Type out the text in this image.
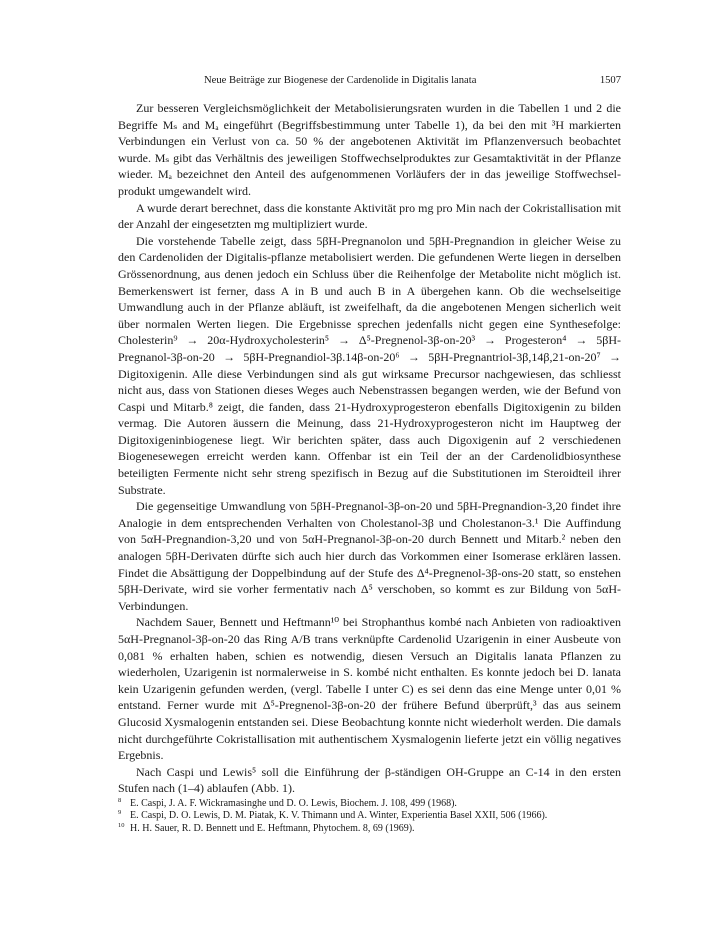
Neue Beiträge zur Biogenese der Cardenolide in Digitalis lanata	1507

Zur besseren Vergleichsmöglichkeit der Metabolisierungsraten wurden in die Tabellen 1 und 2 die Begriffe Mₛ and Mₐ eingeführt (Begriffsbestimmung unter Tabelle 1), da bei den mit ³H markierten Verbindungen ein Verlust von ca. 50 % der angebotenen Aktivität im Pflanzenversuch beobachtet wurde. Mₛ gibt das Verhältnis des jeweiligen Stoffwechselproduktes zur Gesamtaktivität in der Pflanze wieder. Mₐ bezeichnet den Anteil des aufgenommenen Vorläufers der in das jeweilige Stoffwechsel-produkt umgewandelt wird.

A wurde derart berechnet, dass die konstante Aktivität pro mg pro Min nach der Cokristallisation mit der Anzahl der eingesetzten mg multipliziert wurde.

Die vorstehende Tabelle zeigt, dass 5βH-Pregnanolon und 5βH-Pregnandion in gleicher Weise zu den Cardenoliden der Digitalis-pflanze metabolisiert werden. Die gefundenen Werte liegen in derselben Grössenordnung, aus denen jedoch ein Schluss über die Reihenfolge der Metabolite nicht möglich ist. Bemerkenswert ist ferner, dass A in B und auch B in A übergehen kann. Ob die wechselseitige Umwandlung auch in der Pflanze abläuft, ist zweifelhaft, da die angebotenen Mengen sicherlich weit über normalen Werten liegen. Die Ergebnisse sprechen jedenfalls nicht gegen eine Synthesefolge: Cholesterin⁹ → 20α-Hydroxycholesterin⁵ → Δ⁵-Pregnenol-3β-on-20³ → Progesteron⁴ → 5βH-Pregnanol-3β-on-20 → 5βH-Pregnandiol-3β.14β-on-20⁶ → 5βH-Pregnantriol-3β,14β,21-on-20⁷ → Digitoxigenin. Alle diese Verbindungen sind als gut wirksame Precursor nachgewiesen, das schliesst nicht aus, dass von Stationen dieses Weges auch Nebenstrassen begangen werden, wie der Befund von Caspi und Mitarb.⁸ zeigt, die fanden, dass 21-Hydroxyprogesteron ebenfalls Digitoxigenin zu bilden vermag. Die Autoren äussern die Meinung, dass 21-Hydroxyprogesteron nicht im Hauptweg der Digitoxigeninbiogenese liegt. Wir berichten später, dass auch Digoxigenin auf 2 verschiedenen Biogenesewegen erreicht werden kann. Offenbar ist ein Teil der an der Cardenolidbiosynthese beteiligten Fermente nicht sehr streng spezifisch in Bezug auf die Substitutionen im Steroidteil ihrer Substrate.

Die gegenseitige Umwandlung von 5βH-Pregnanol-3β-on-20 und 5βH-Pregnandion-3,20 findet ihre Analogie in dem entsprechenden Verhalten von Cholestanol-3β und Cholestanon-3.¹ Die Auffindung von 5αH-Pregnandion-3,20 und von 5αH-Pregnanol-3β-on-20 durch Bennett und Mitarb.² neben den analogen 5βH-Derivaten dürfte sich auch hier durch das Vorkommen einer Isomerase erklären lassen. Findet die Absättigung der Doppelbindung auf der Stufe des Δ⁴-Pregnenol-3β-ons-20 statt, so enstehen 5βH-Derivate, wird sie vorher fermentativ nach Δ⁵ verschoben, so kommt es zur Bildung von 5αH-Verbindungen.

Nachdem Sauer, Bennett und Heftmann¹⁰ bei Strophanthus kombé nach Anbieten von radioaktiven 5αH-Pregnanol-3β-on-20 das Ring A/B trans verknüpfte Cardenolid Uzarigenin in einer Ausbeute von 0,081 % erhalten haben, schien es notwendig, diesen Versuch an Digitalis lanata Pflanzen zu wiederholen, Uzarigenin ist normalerweise in S. kombé nicht enthalten. Es konnte jedoch bei D. lanata kein Uzarigenin gefunden werden, (vergl. Tabelle I unter C) es sei denn das eine Menge unter 0,01 % entstand. Ferner wurde mit Δ⁵-Pregnenol-3β-on-20 der frühere Befund überprüft,³ das aus seinem Glucosid Xysmalogenin entstanden sei. Diese Beobachtung konnte nicht wiederholt werden. Die damals nicht durchgeführte Cokristallisation mit authentischem Xysmalogenin lieferte jetzt ein völlig negatives Ergebnis.

Nach Caspi und Lewis⁵ soll die Einführung der β-ständigen OH-Gruppe an C-14 in den ersten Stufen nach (1–4) ablaufen (Abb. 1).

8 E. Caspi, J. A. F. Wickramasinghe und D. O. Lewis, Biochem. J. 108, 499 (1968).

9 E. Caspi, D. O. Lewis, D. M. Piatak, K. V. Thimann und A. Winter, Experientia Basel XXII, 506 (1966).

10 H. H. Sauer, R. D. Bennett und E. Heftmann, Phytochem. 8, 69 (1969).
